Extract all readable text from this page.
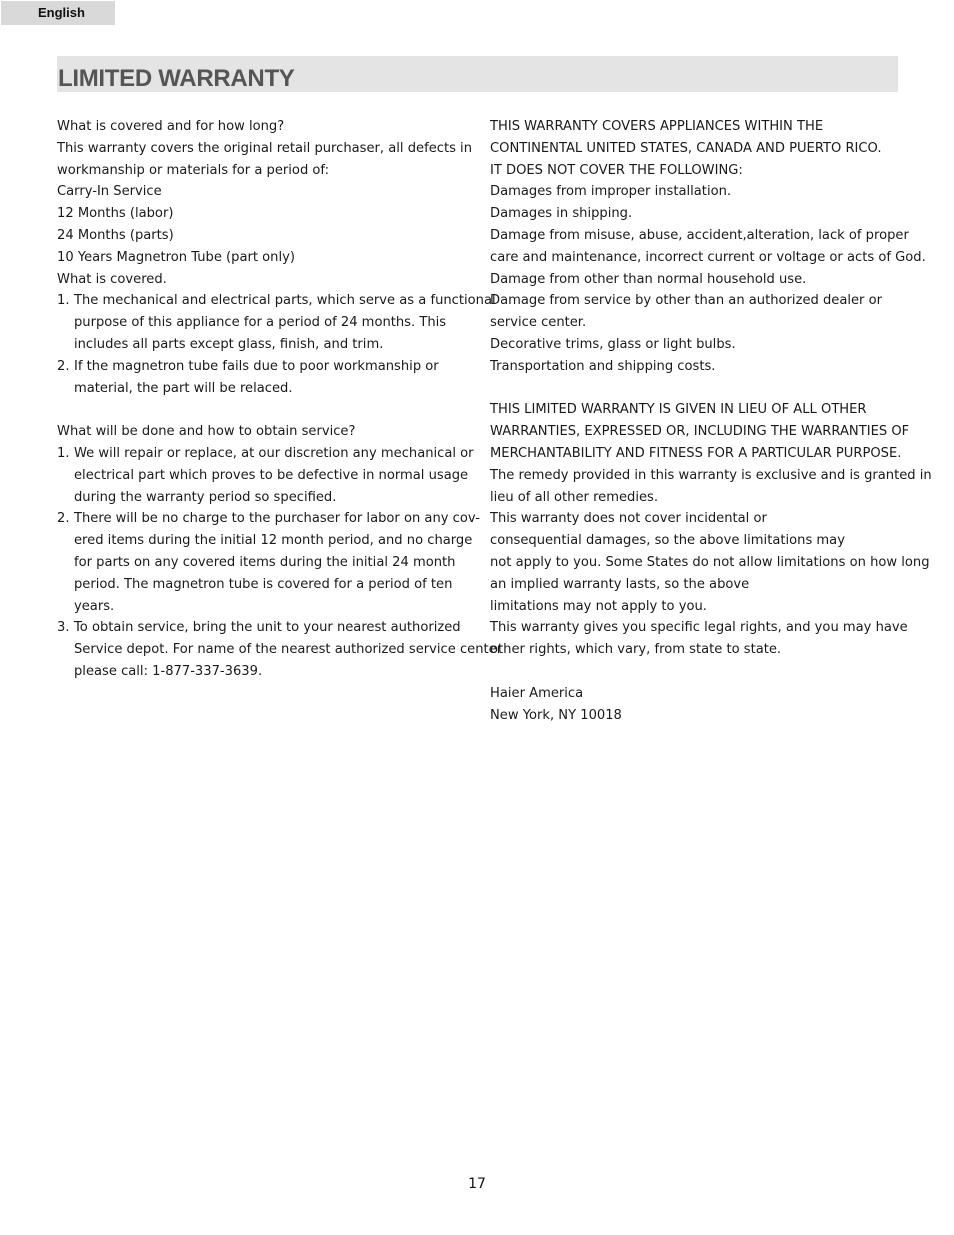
English
LIMITED WARRANTY

What is covered and for how long?

This warranty covers the original retail purchaser, all defects in

workmanship or materials for a period of:

Carry-In Service

12 Months (labor)

24 Months (parts)

10 Years Magnetron Tube (part only)

What is covered.

1. The mechanical and electrical parts, which serve as a functional
purpose of this appliance for a period of 24 months. This
includes all parts except glass, finish, and trim.
2. If the magnetron tube fails due to poor workmanship or
material, the part will be relaced.

What will be done and how to obtain service?

1. We will repair or replace, at our discretion any mechanical or
electrical part which proves to be defective in normal usage
during the warranty period so specified.
2. There will be no charge to the purchaser for labor on any cov-
ered items during the initial 12 month period, and no charge
for parts on any covered items during the initial 24 month
period. The magnetron tube is covered for a period of ten
years.
3. To obtain service, bring the unit to your nearest authorized
Service depot. For name of the nearest authorized service center
please call: 1-877-337-3639.

THIS WARRANTY COVERS APPLIANCES WITHIN THE

CONTINENTAL UNITED STATES, CANADA AND PUERTO RICO.

IT DOES NOT COVER THE FOLLOWING:

Damages from improper installation.

Damages in shipping.

Damage from misuse, abuse, accident,alteration, lack of proper

care and maintenance, incorrect current or voltage or acts of God.

Damage from other than normal household use.

Damage from service by other than an authorized dealer or

service center.

Decorative trims, glass or light bulbs.

Transportation and shipping costs.

THIS LIMITED WARRANTY IS GIVEN IN LIEU OF ALL OTHER

WARRANTIES, EXPRESSED OR, INCLUDING THE WARRANTIES OF

MERCHANTABILITY AND FITNESS FOR A PARTICULAR PURPOSE.

The remedy provided in this warranty is exclusive and is granted in

lieu of all other remedies.

This warranty does not cover incidental or

consequential damages, so the above limitations may

not apply to you. Some States do not allow limitations on how long

an implied warranty lasts, so the above

limitations may not apply to you.

This warranty gives you specific legal rights, and you may have

other rights, which vary, from state to state.

Haier America

New York, NY 10018

17
